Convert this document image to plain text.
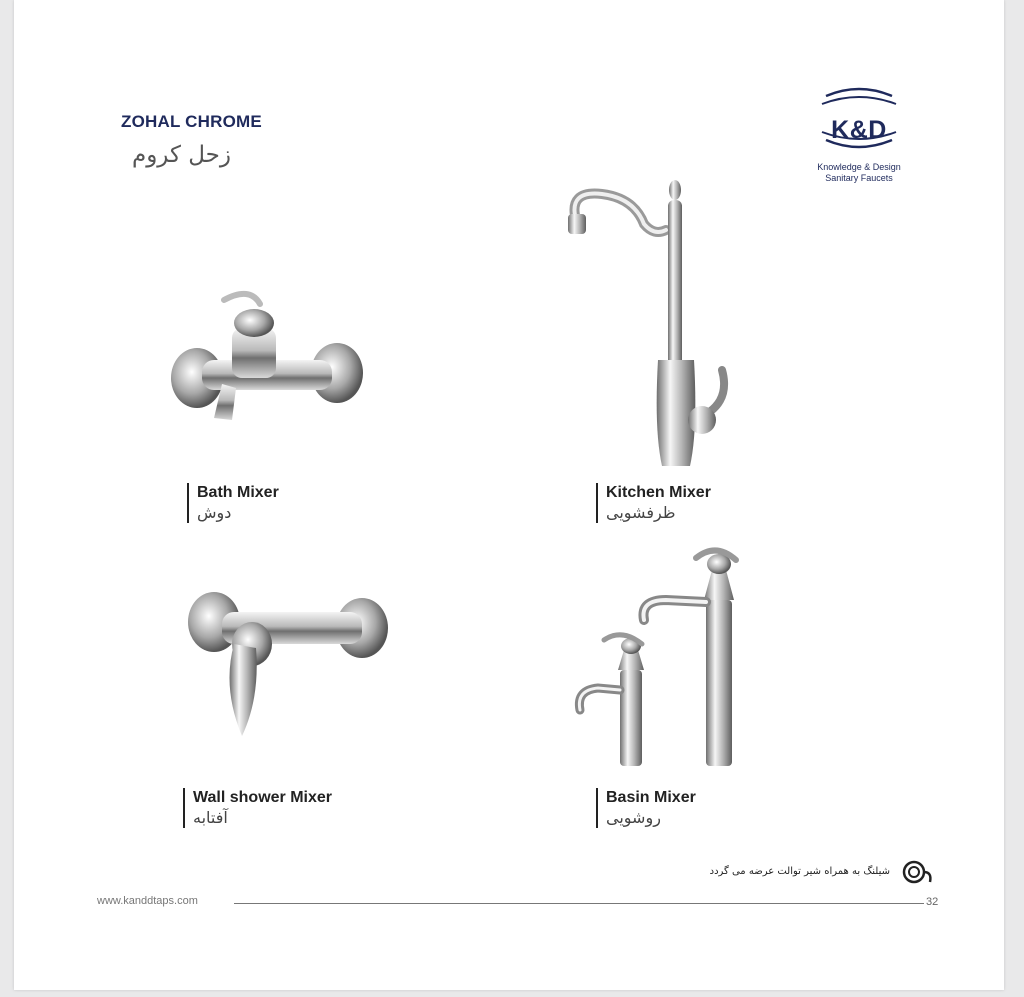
ZOHAL CHROME
زحل کروم
K&D
Knowledge & Design
Sanitary Faucets
Bath Mixer
دوش
Kitchen Mixer
ظرفشویی
Wall shower Mixer
آفتابه
Basin Mixer
روشویی
شیلنگ به همراه شیر توالت عرضه می گردد
www.kanddtaps.com	32
